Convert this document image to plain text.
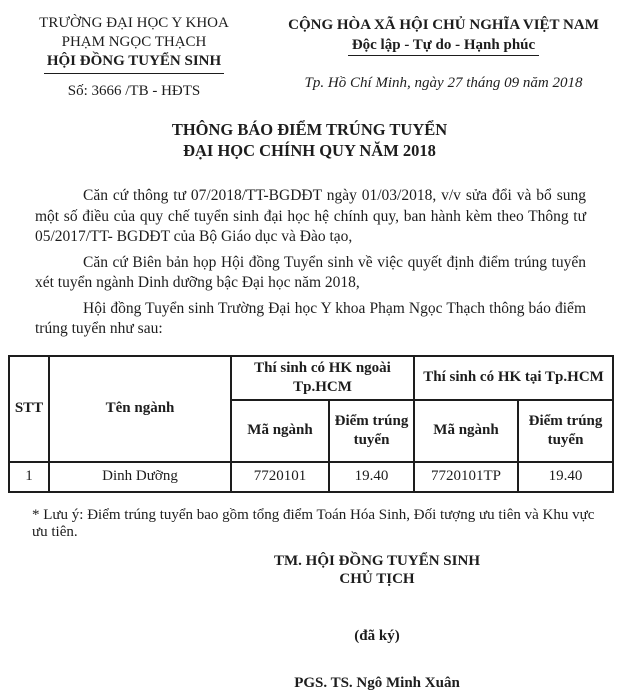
TRƯỜNG ĐẠI HỌC Y KHOA
PHẠM NGỌC THẠCH
HỘI ĐỒNG TUYỂN SINH
Số: 3666 /TB - HĐTS
CỘNG HÒA XÃ HỘI CHỦ NGHĨA VIỆT NAM
Độc lập - Tự do - Hạnh phúc
Tp. Hồ Chí Minh, ngày 27 tháng 09 năm 2018
THÔNG BÁO ĐIỂM TRÚNG TUYỂN
ĐẠI HỌC CHÍNH QUY NĂM 2018

Căn cứ thông tư 07/2018/TT-BGDĐT ngày 01/03/2018, v/v sửa đổi và bổ sung một số điều của quy chế tuyển sinh đại học hệ chính quy, ban hành kèm theo Thông tư 05/2017/TT- BGDĐT của Bộ Giáo dục và Đào tạo,

Căn cứ Biên bản họp Hội đồng Tuyển sinh về việc quyết định điểm trúng tuyển xét tuyển ngành Dinh dưỡng bậc Đại học năm 2018,

Hội đồng Tuyển sinh Trường Đại học Y khoa Phạm Ngọc Thạch thông báo điểm trúng tuyển như sau:

STT	Tên ngành	Thí sinh có HK ngoài Tp.HCM		Thí sinh có HK tại Tp.HCM	
		Mã ngành	Điểm trúng tuyển	Mã ngành	Điểm trúng tuyển
1	Dinh Dưỡng	7720101	19.40	7720101TP	19.40
* Lưu ý: Điểm trúng tuyển bao gồm tổng điểm Toán Hóa Sinh, Đối tượng ưu tiên và Khu vực ưu tiên.
TM. HỘI ĐỒNG TUYỂN SINH
CHỦ TỊCH
(đã ký)
PGS. TS. Ngô Minh Xuân
